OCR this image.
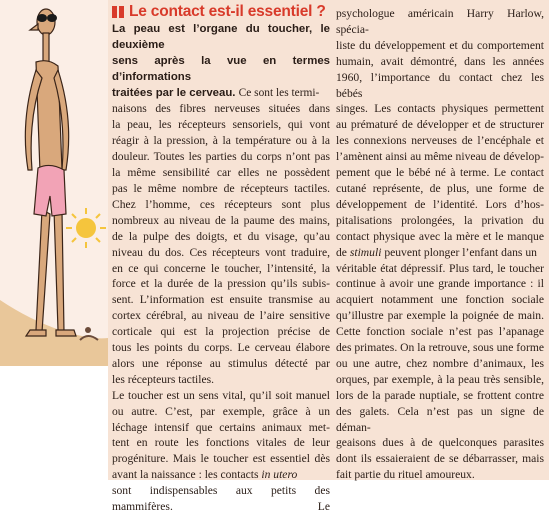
Le contact est-il essentiel ?

La peau est l’organe du toucher, le deuxième
sens après la vue en termes d’informations
traitées par le cerveau. Ce sont les termi-

naisons des fibres nerveuses situées dans
la peau, les récepteurs sensoriels, qui vont
réagir à la pression, à la température ou à la
douleur. Toutes les parties du corps n’ont pas
la même sensibilité car elles ne possèdent
pas le même nombre de récepteurs tactiles.
Chez l’homme, ces récepteurs sont plus
nombreux au niveau de la paume des mains,
de la pulpe des doigts, et du visage, qu’au
niveau du dos. Ces récepteurs vont traduire,
en ce qui concerne le toucher, l’intensité, la
force et la durée de la pression qu’ils subis-
sent. L’information est ensuite transmise au
cortex cérébral, au niveau de l’aire sensitive
corticale qui est la projection précise de
tous les points du corps. Le cerveau élabore
alors une réponse au stimulus détecté par
les récepteurs tactiles.

Le toucher est un sens vital, qu’il soit manuel
ou autre. C’est, par exemple, grâce à un
léchage intensif que certains animaux met-
tent en route les fonctions vitales de leur
progéniture. Mais le toucher est essentiel dès
avant la naissance : les contacts in utero
sont indispensables aux petits des mammifères. Le

psychologue américain Harry Harlow, spécia-
liste du développement et du comportement
humain, avait démontré, dans les années
1960, l’importance du contact chez les bébés
singes. Les contacts physiques permettent
au prématuré de développer et de structurer
les connexions nerveuses de l’encéphale et
l’amènent ainsi au même niveau de dévelop-
pement que le bébé né à terme. Le contact
cutané représente, de plus, une forme de
développement de l’identité. Lors d’hos-
pitalisations prolongées, la privation du
contact physique avec la mère et le manque
de stimuli peuvent plonger l’enfant dans un
véritable état dépressif. Plus tard, le toucher
continue à avoir une grande importance : il
acquiert notamment une fonction sociale
qu’illustre par exemple la poignée de main.
Cette fonction sociale n’est pas l’apanage
des primates. On la retrouve, sous une forme
ou une autre, chez nombre d’animaux, les
orques, par exemple, à la peau très sensible,
lors de la parade nuptiale, se frottent contre
des galets. Cela n’est pas un signe de déman-
geaisons dues à de quelconques parasites
dont ils essaieraient de se débarrasser, mais
fait partie du rituel amoureux.
